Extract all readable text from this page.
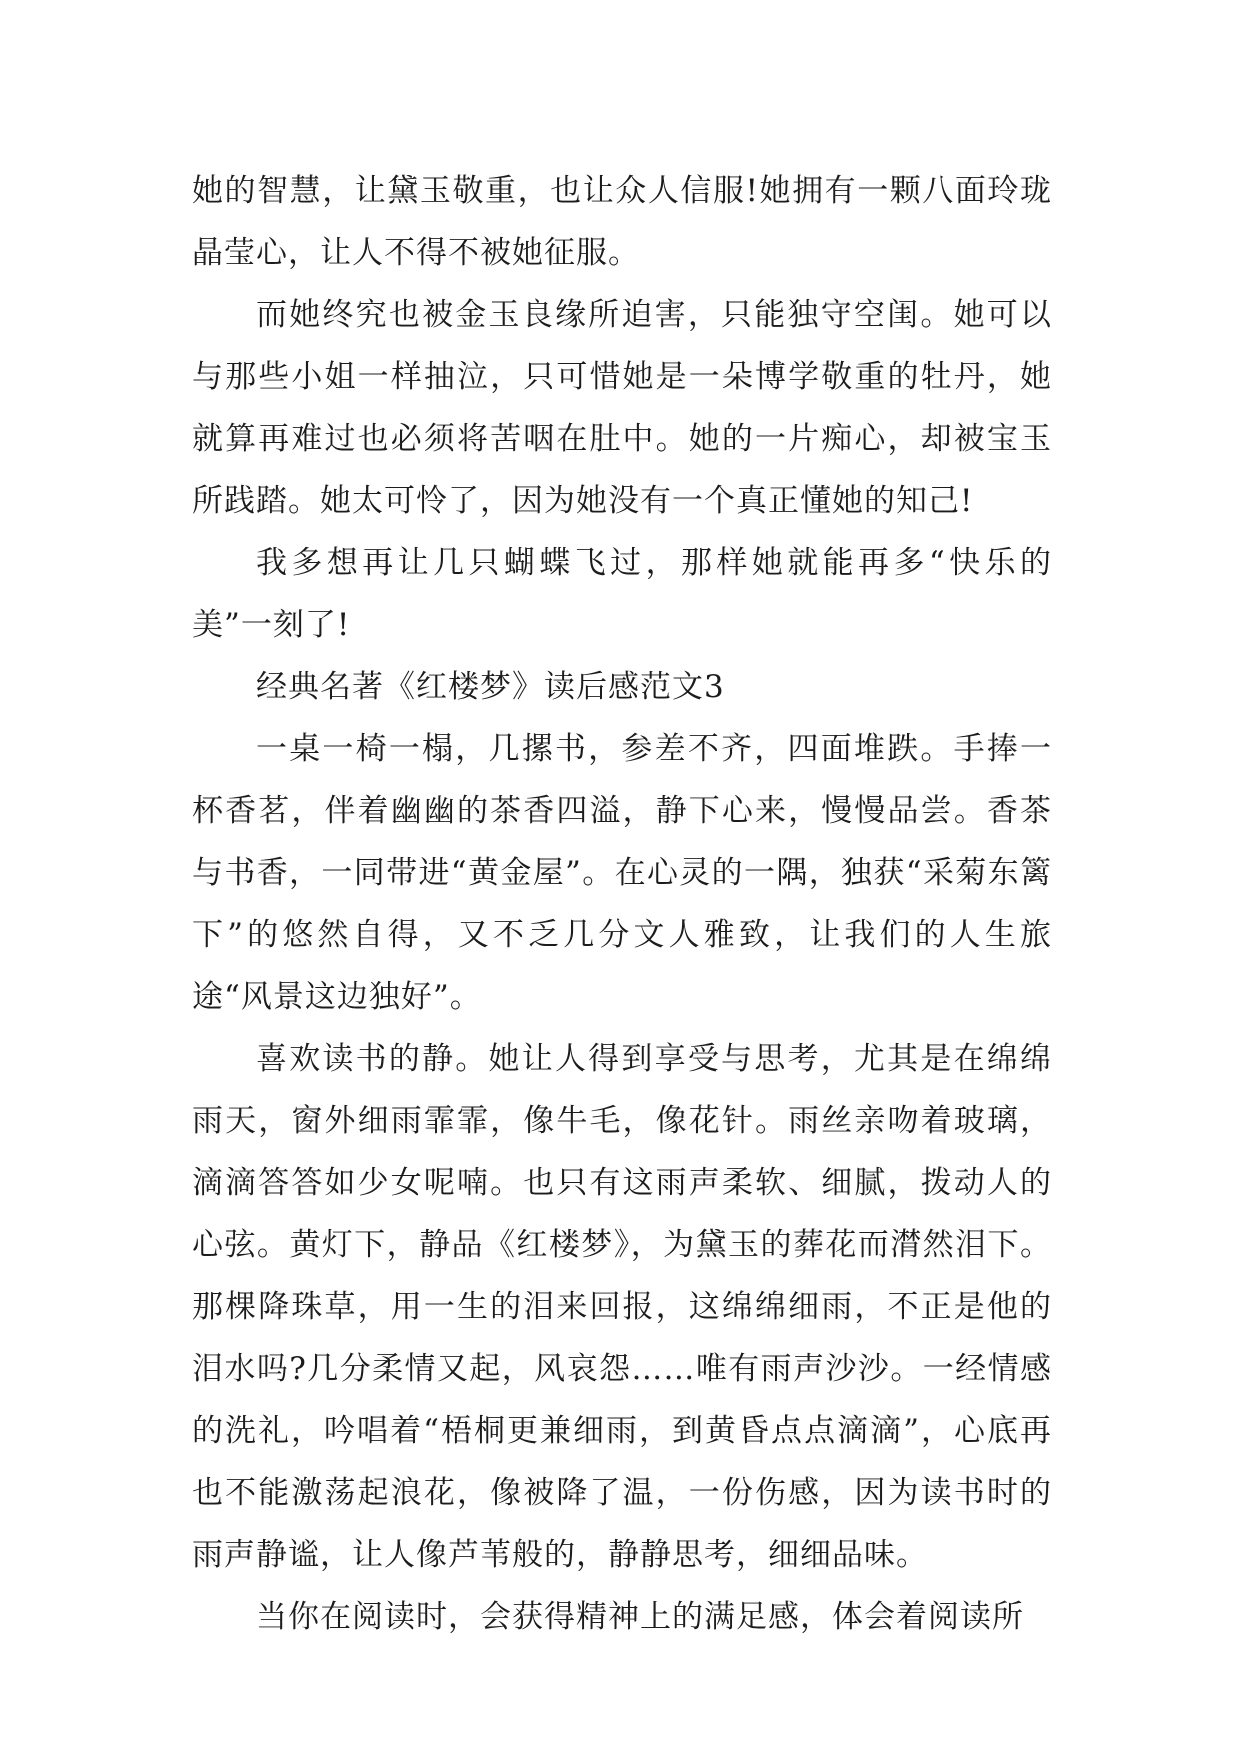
她的智慧，让黛玉敬重，也让众人信服!她拥有一颗八面玲珑晶莹心，让人不得不被她征服。

而她终究也被金玉良缘所迫害，只能独守空闺。她可以与那些小姐一样抽泣，只可惜她是一朵博学敬重的牡丹，她就算再难过也必须将苦咽在肚中。她的一片痴心，却被宝玉所践踏。她太可怜了，因为她没有一个真正懂她的知己!

我多想再让几只蝴蝶飞过，那样她就能再多“快乐的美”一刻了!

经典名著《红楼梦》读后感范文3

一桌一椅一榻，几摞书，参差不齐，四面堆跌。手捧一杯香茗，伴着幽幽的茶香四溢，静下心来，慢慢品尝。香茶与书香，一同带进“黄金屋”。在心灵的一隅，独获“采菊东篱下”的悠然自得，又不乏几分文人雅致，让我们的人生旅途“风景这边独好”。

喜欢读书的静。她让人得到享受与思考，尤其是在绵绵雨天，窗外细雨霏霏，像牛毛，像花针。雨丝亲吻着玻璃，滴滴答答如少女呢喃。也只有这雨声柔软、细腻，拨动人的心弦。黄灯下，静品《红楼梦》，为黛玉的葬花而潸然泪下。那棵降珠草，用一生的泪来回报，这绵绵细雨，不正是他的泪水吗?几分柔情又起，风哀怨……唯有雨声沙沙。一经情感的洗礼，吟唱着“梧桐更兼细雨，到黄昏点点滴滴”，心底再也不能激荡起浪花，像被降了温，一份伤感，因为读书时的雨声静谧，让人像芦苇般的，静静思考，细细品味。

当你在阅读时，会获得精神上的满足感，体会着阅读所
